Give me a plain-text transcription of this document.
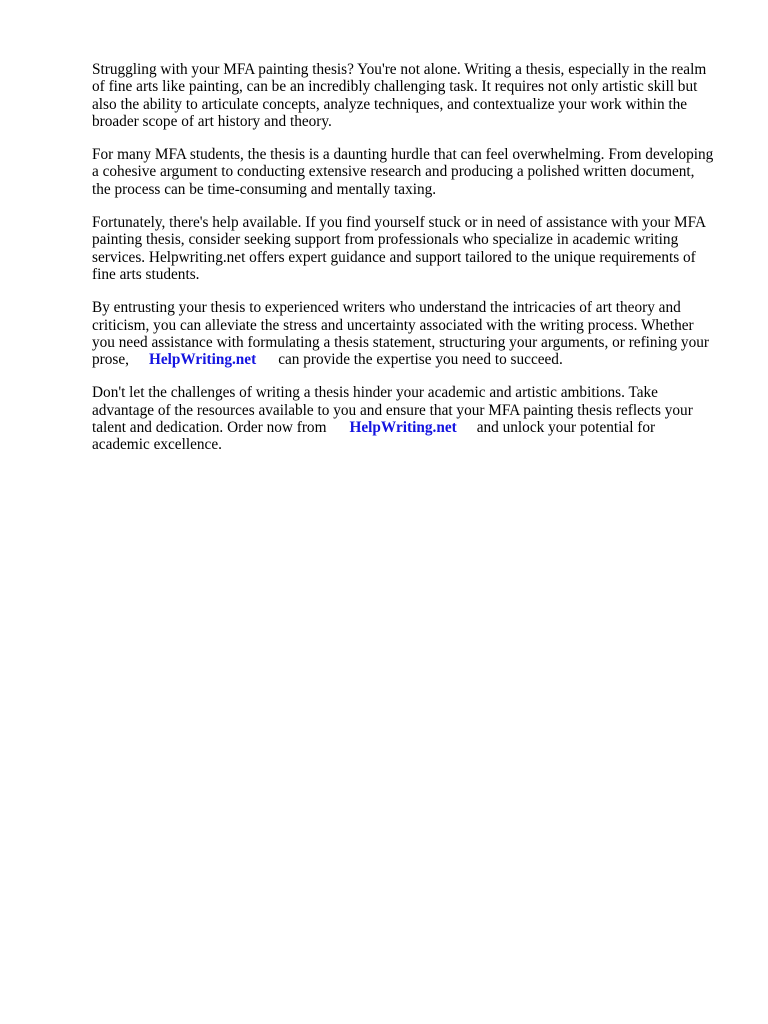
Struggling with your MFA painting thesis? You're not alone. Writing a thesis, especially in the realm
of fine arts like painting, can be an incredibly challenging task. It requires not only artistic skill but
also the ability to articulate concepts, analyze techniques, and contextualize your work within the
broader scope of art history and theory.

For many MFA students, the thesis is a daunting hurdle that can feel overwhelming. From developing
a cohesive argument to conducting extensive research and producing a polished written document,
the process can be time-consuming and mentally taxing.

Fortunately, there's help available. If you find yourself stuck or in need of assistance with your MFA
painting thesis, consider seeking support from professionals who specialize in academic writing
services. Helpwriting.net offers expert guidance and support tailored to the unique requirements of
fine arts students.

By entrusting your thesis to experienced writers who understand the intricacies of art theory and
criticism, you can alleviate the stress and uncertainty associated with the writing process. Whether
you need assistance with formulating a thesis statement, structuring your arguments, or refining your
prose, HelpWriting.net can provide the expertise you need to succeed.

Don't let the challenges of writing a thesis hinder your academic and artistic ambitions. Take
advantage of the resources available to you and ensure that your MFA painting thesis reflects your
talent and dedication. Order now from HelpWriting.net and unlock your potential for
academic excellence.
